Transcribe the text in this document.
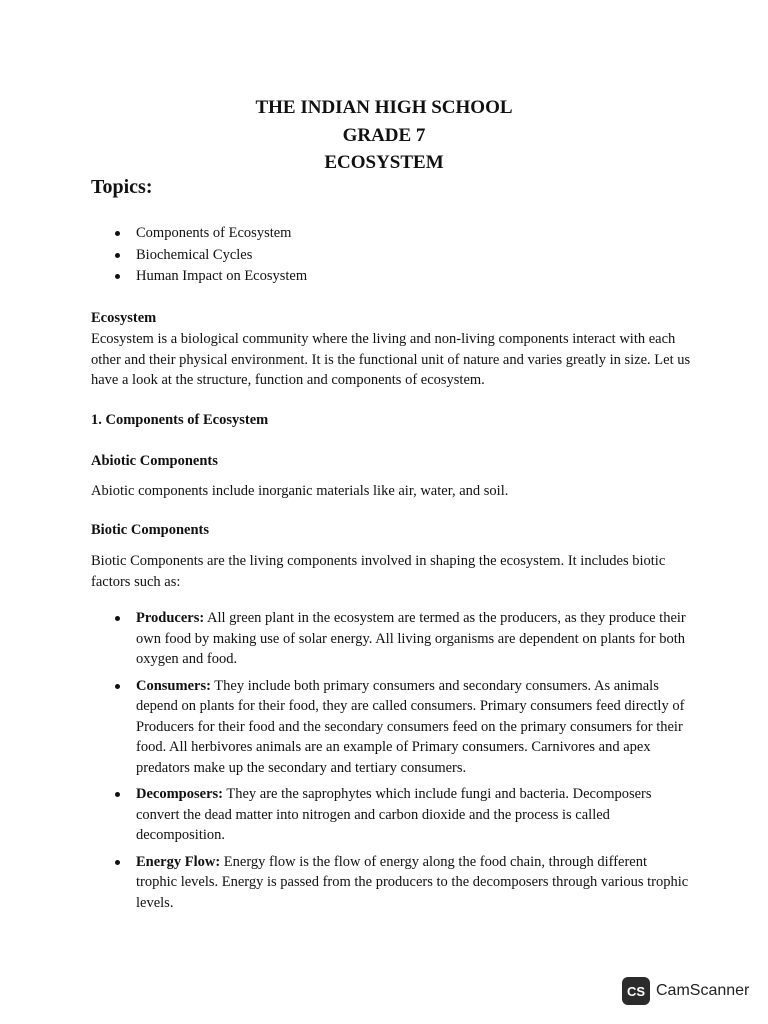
THE INDIAN HIGH SCHOOL
GRADE 7
ECOSYSTEM
Topics:
Components of Ecosystem
Biochemical Cycles
Human Impact on Ecosystem
Ecosystem

Ecosystem is a biological community where the living and non-living components interact with each other and their physical environment. It is the functional unit of nature and varies greatly in size. Let us have a look at the structure, function and components of ecosystem.

1. Components of Ecosystem
Abiotic Components

Abiotic components include inorganic materials like air, water, and soil.

Biotic Components

Biotic Components are the living components involved in shaping the ecosystem. It includes biotic factors such as:

Producers: All green plant in the ecosystem are termed as the producers, as they produce their own food by making use of solar energy. All living organisms are dependent on plants for both oxygen and food.
Consumers: They include both primary consumers and secondary consumers. As animals depend on plants for their food, they are called consumers. Primary consumers feed directly of Producers for their food and the secondary consumers feed on the primary consumers for their food. All herbivores animals are an example of Primary consumers. Carnivores and apex predators make up the secondary and tertiary consumers.
Decomposers: They are the saprophytes which include fungi and bacteria. Decomposers convert the dead matter into nitrogen and carbon dioxide and the process is called decomposition.
Energy Flow: Energy flow is the flow of energy along the food chain, through different trophic levels. Energy is passed from the producers to the decomposers through various trophic levels.
CS CamScanner
